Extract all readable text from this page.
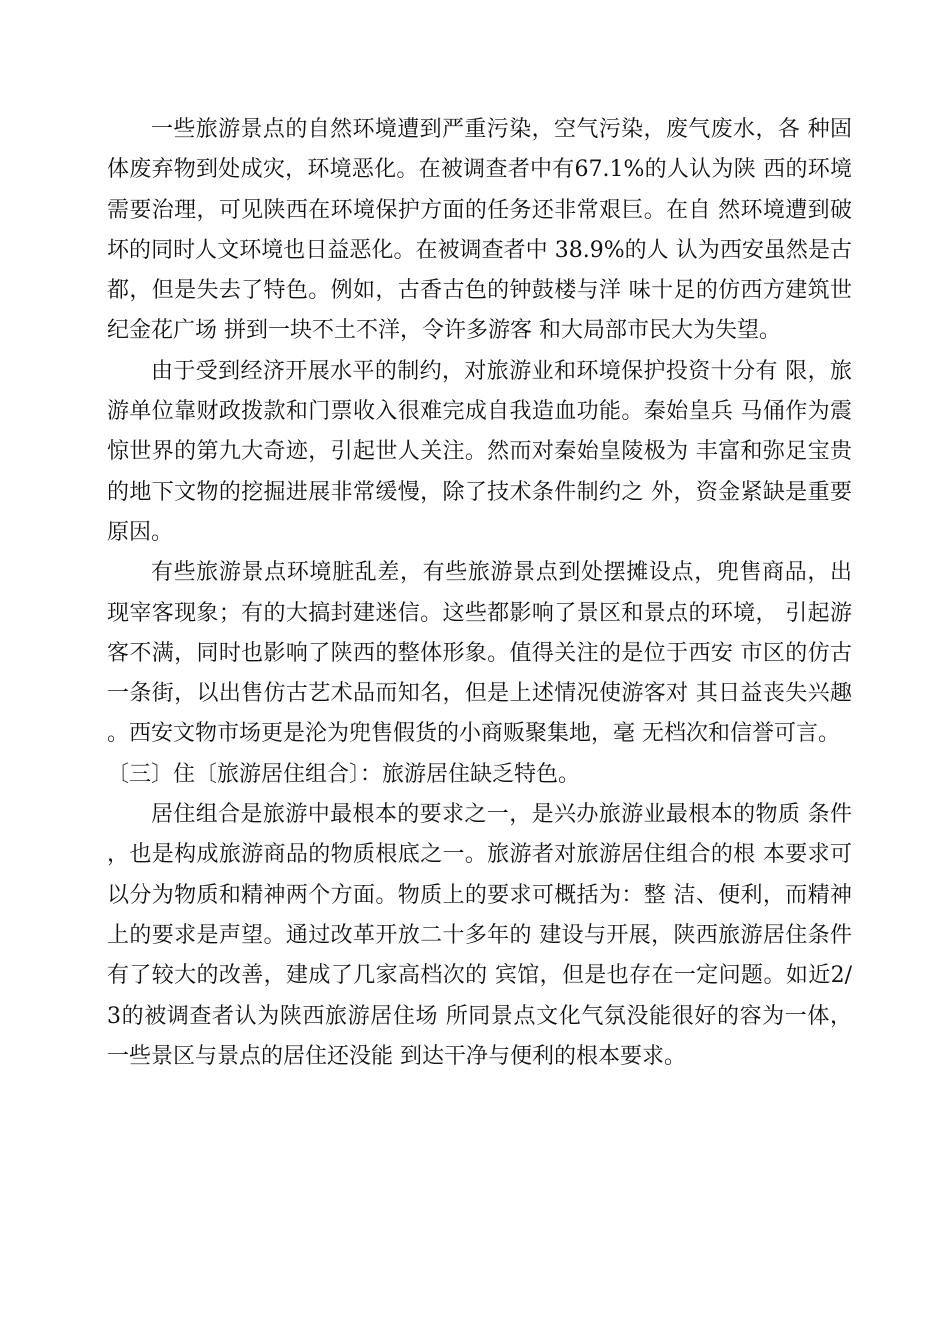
一些旅游景点的自然环境遭到严重污染，空气污染，废气废水，各 种固体废弃物到处成灾，环境恶化。在被调查者中有67.1%的人认为陕 西的环境需要治理，可见陕西在环境保护方面的任务还非常艰巨。在自 然环境遭到破坏的同时人文环境也日益恶化。在被调查者中 38.9%的人 认为西安虽然是古都，但是失去了特色。例如，古香古色的钟鼓楼与洋 味十足的仿西方建筑世纪金花广场 拼到一块不土不洋，令许多游客 和大局部市民大为失望。

由于受到经济开展水平的制约，对旅游业和环境保护投资十分有 限，旅游单位靠财政拨款和门票收入很难完成自我造血功能。秦始皇兵 马俑作为震惊世界的第九大奇迹，引起世人关注。然而对秦始皇陵极为 丰富和弥足宝贵的地下文物的挖掘进展非常缓慢，除了技术条件制约之 外，资金紧缺是重要原因。

有些旅游景点环境脏乱差，有些旅游景点到处摆摊设点，兜售商品，出现宰客现象；有的大搞封建迷信。这些都影响了景区和景点的环境， 引起游客不满，同时也影响了陕西的整体形象。值得关注的是位于西安 市区的仿古一条街，以出售仿古艺术品而知名，但是上述情况使游客对 其日益丧失兴趣。西安文物市场更是沦为兜售假货的小商贩聚集地，毫 无档次和信誉可言。

〔三〕住〔旅游居住组合〕：旅游居住缺乏特色。

居住组合是旅游中最根本的要求之一，是兴办旅游业最根本的物质 条件，也是构成旅游商品的物质根底之一。旅游者对旅游居住组合的根 本要求可以分为物质和精神两个方面。物质上的要求可概括为：整 洁、便利，而精神上的要求是声望。通过改革开放二十多年的 建设与开展，陕西旅游居住条件有了较大的改善，建成了几家高档次的 宾馆，但是也存在一定问题。如近2/3的被调查者认为陕西旅游居住场 所同景点文化气氛没能很好的容为一体，一些景区与景点的居住还没能 到达干净与便利的根本要求。
